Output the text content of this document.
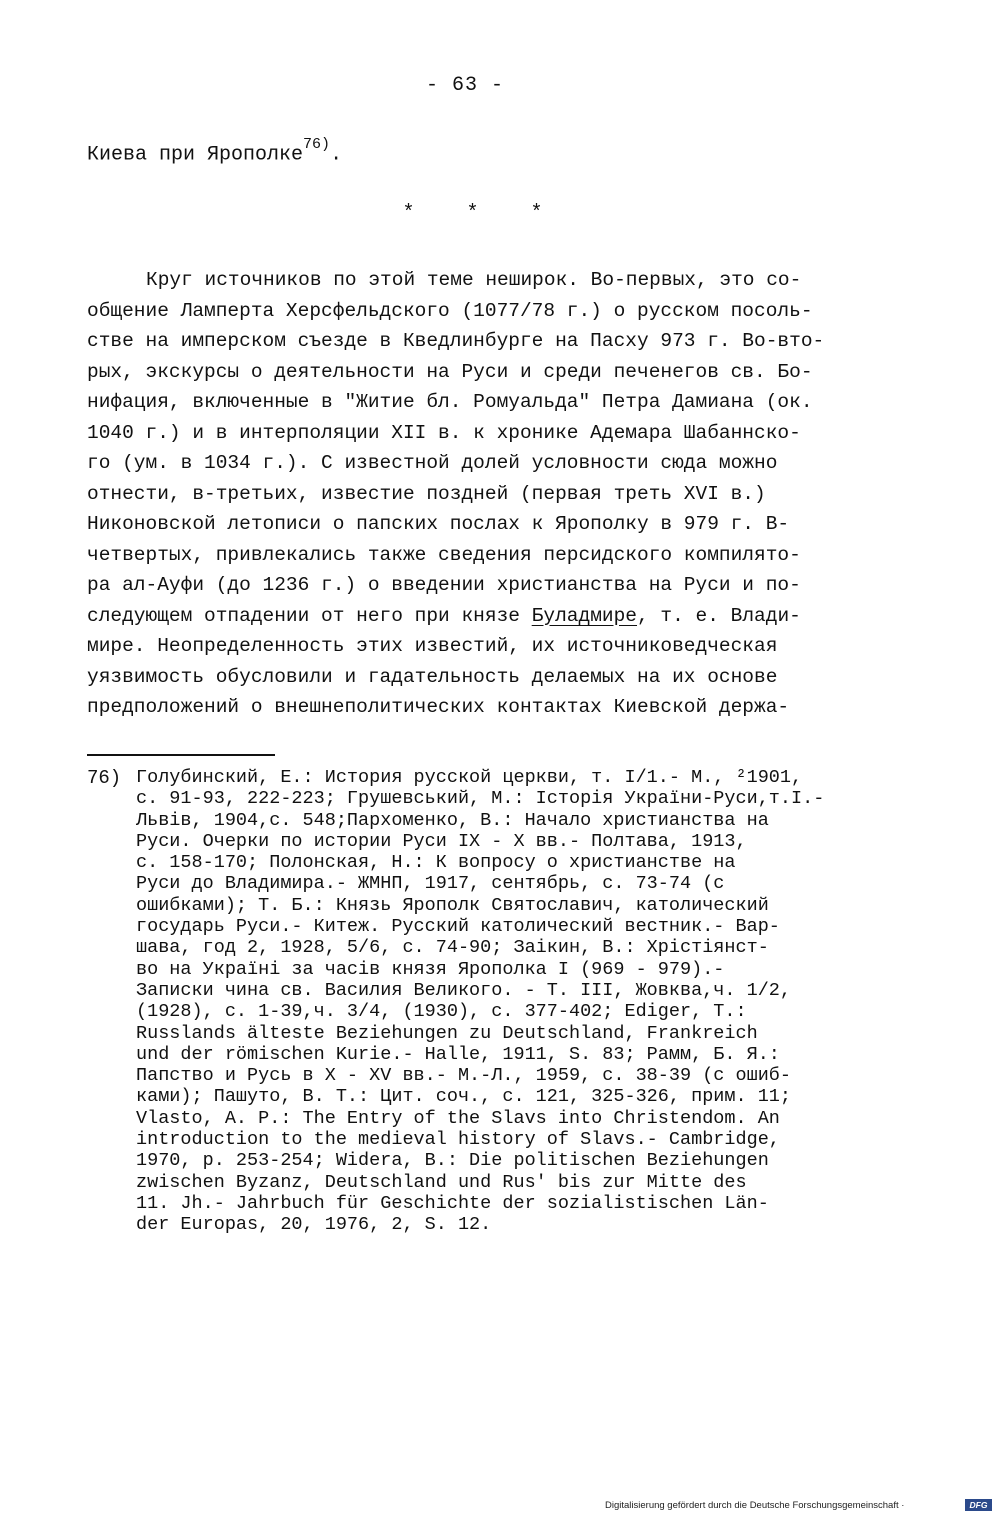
- 63 -
Киева при Ярополке$^{76)}$.
* * *
Круг источников по этой теме неширок. Во-первых, это со-
общение Ламперта Херсфельдского (1077/78 г.) о русском посоль-
стве на имперском съезде в Кведлинбурге на Пасху 973 г. Во-вто-
рых, экскурсы о деятельности на Руси и среди печенегов св. Бо-
нифация, включенные в "Житие бл. Ромуальда" Петра Дамиана (ок.
1040 г.) и в интерполяции XII в. к хронике Адемара Шабаннско-
го (ум. в 1034 г.). С известной долей условности сюда можно
отнести, в-третьих, известие поздней (первая треть XVI в.)
Никоновской летописи о папских послах к Ярополку в 979 г. В-
четвертых, привлекались также сведения персидского компилято-
ра ал-Ауфи (до 1236 г.) о введении христианства на Руси и по-
следующем отпадении от него при князе Буладмире, т. е. Влади-
мире. Неопределенность этих известий, их источниковедческая
уязвимость обусловили и гадательность делаемых на их основе
предположений о внешнеполитических контактах Киевской держа-
76) Голубинский, Е.: История русской церкви, т. I/1.- М., ²1901,
с. 91-93, 222-223; Грушевський, М.: Історія України-Руси,т.I.-
Львів, 1904,с. 548;Пархоменко, В.: Начало христианства на
Руси. Очерки по истории Руси IX - X вв.- Полтава, 1913,
с. 158-170; Полонская, Н.: К вопросу о христианстве на
Руси до Владимира.- ЖМНП, 1917, сентябрь, с. 73-74 (с
ошибками); Т. Б.: Князь Ярополк Святославич, католический
государь Руси.- Китеж. Русский католический вестник.- Вар-
шава, год 2, 1928, 5/6, с. 74-90; Заікин, В.: Хрістіянст-
во на Україні за часів князя Ярополка I (969 - 979).-
Записки чина св. Василия Великого. - Т. III, Жовква,ч. 1/2,
(1928), с. 1-39,ч. 3/4, (1930), с. 377-402; Ediger, T.:
Russlands älteste Beziehungen zu Deutschland, Frankreich
und der römischen Kurie.- Halle, 1911, S. 83; Рамм, Б. Я.:
Папство и Русь в X - XV вв.- М.-Л., 1959, с. 38-39 (с ошиб-
ками); Пашуто, В. Т.: Цит. соч., с. 121, 325-326, прим. 11;
Vlasto, A. P.: The Entry of the Slavs into Christendom. An
introduction to the medieval history of Slavs.- Cambridge,
1970, p. 253-254; Widera, B.: Die politischen Beziehungen
zwischen Byzanz, Deutschland und Rus' bis zur Mitte des
11. Jh.- Jahrbuch für Geschichte der sozialistischen Län-
der Europas, 20, 1976, 2, S. 12.
Digitalisierung gefördert durch die Deutsche Forschungsgemeinschaft ·	DFG
